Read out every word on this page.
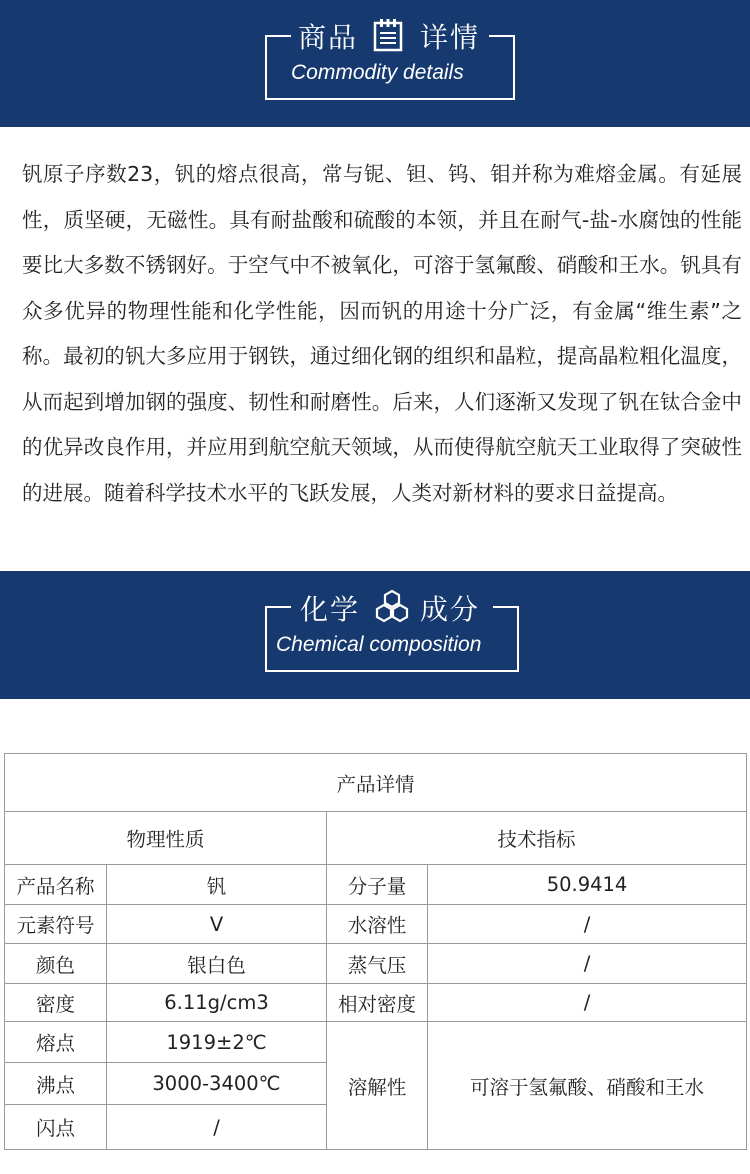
商品 详情
Commodity details
钒原子序数23，钒的熔点很高，常与铌、钽、钨、钼并称为难熔金属。有延展性，质坚硬，无磁性。具有耐盐酸和硫酸的本领，并且在耐气-盐-水腐蚀的性能要比大多数不锈钢好。于空气中不被氧化，可溶于氢氟酸、硝酸和王水。钒具有众多优异的物理性能和化学性能，因而钒的用途十分广泛，有金属“维生素”之称。最初的钒大多应用于钢铁，通过细化钢的组织和晶粒，提高晶粒粗化温度，从而起到增加钢的强度、韧性和耐磨性。后来，人们逐渐又发现了钒在钛合金中的优异改良作用，并应用到航空航天领域，从而使得航空航天工业取得了突破性的进展。随着科学技术水平的飞跃发展，人类对新材料的要求日益提高。
化学 成分
Chemical composition
产品详情			
物理性质		技术指标	
产品名称	钒	分子量	50.9414
元素符号	V	水溶性	/
颜色	银白色	蒸气压	/
密度	6.11g/cm3	相对密度	/
熔点	1919±2℃	溶解性	可溶于氢氟酸、硝酸和王水
沸点	3000-3400℃		
闪点	/		
